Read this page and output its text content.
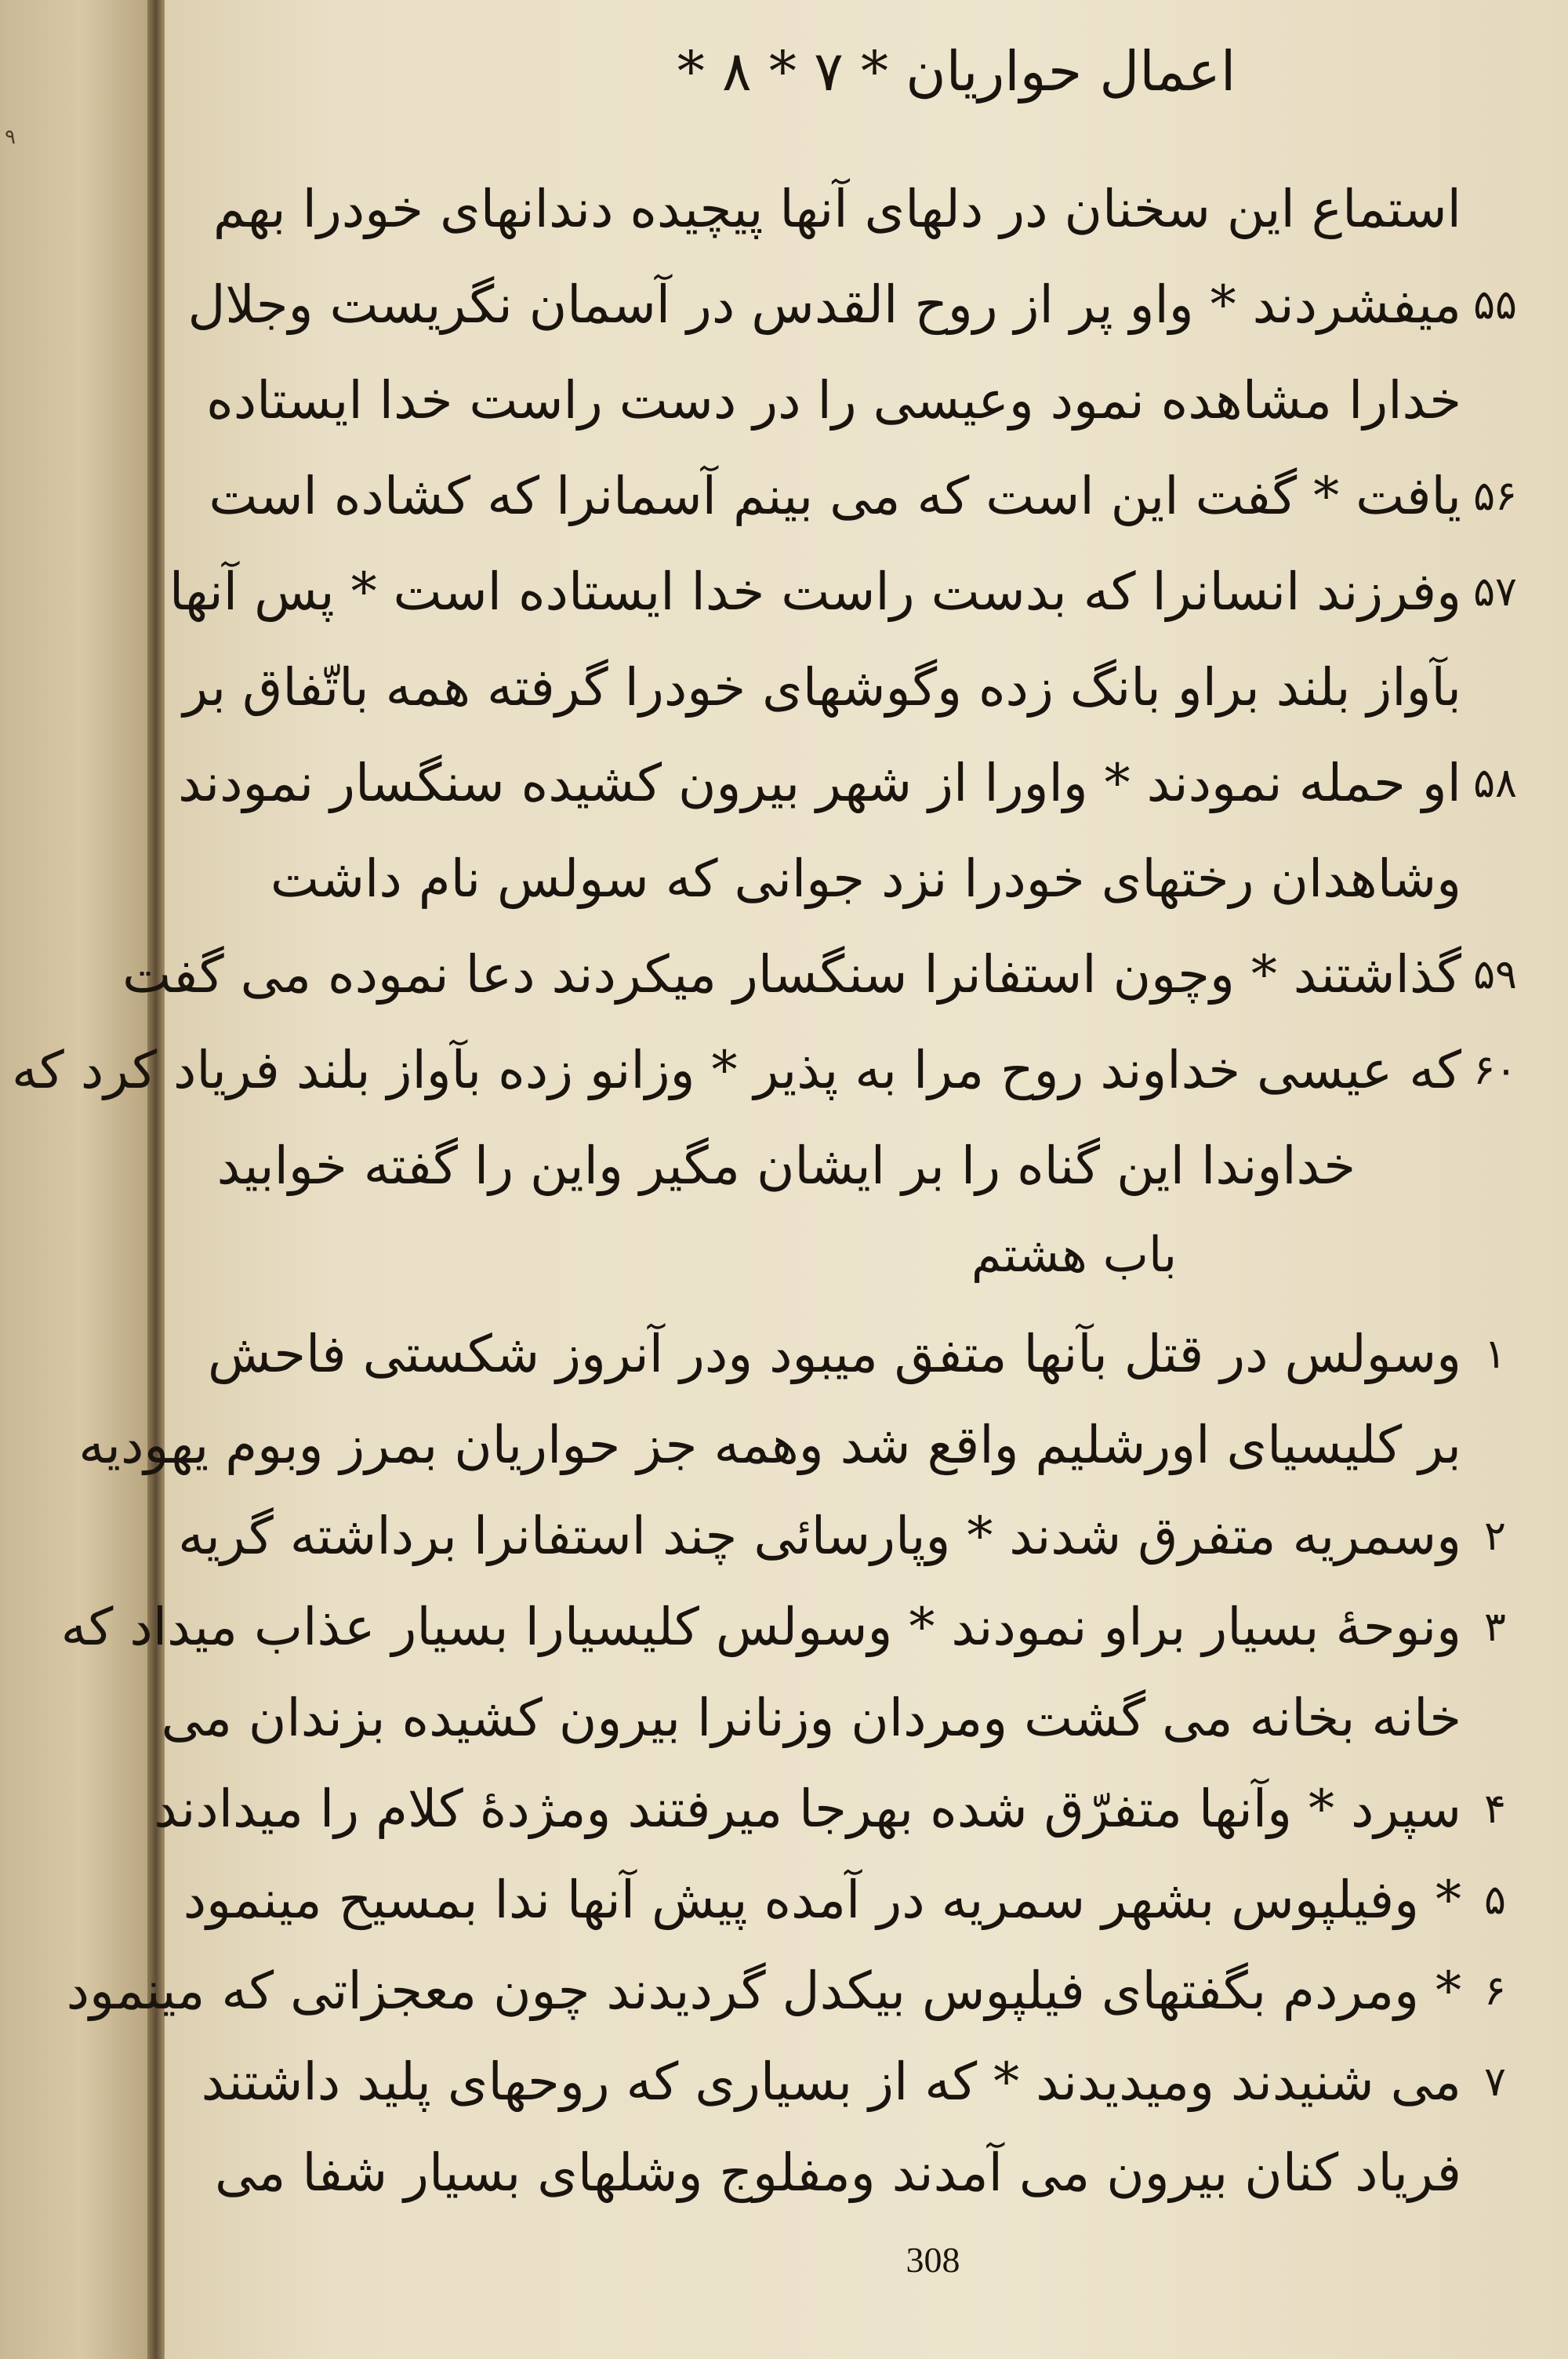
۹
اعمال حواریان * ۷ * ۸ *
استماع این سخنان در دلهای آنها پیچیده دندانهای خودرا بهم
۵۵
میفشردند * واو پر از روح القدس در آسمان نگریست وجلال
خدارا مشاهده نمود وعیسی را در دست راست خدا ایستاده
۵۶
یافت * گفت این است که می بینم آسمانرا که کشاده است
۵۷
وفرزند انسانرا که بدست راست خدا ایستاده است * پس آنها
بآواز بلند براو بانگ زده وگوشهای خودرا گرفته همه باتّفاق بر
۵۸
او حمله نمودند * واورا از شهر بیرون کشیده سنگسار نمودند
وشاهدان رختهای خودرا نزد جوانی که سولس نام داشت
۵۹
گذاشتند * وچون استفانرا سنگسار میکردند دعا نموده می گفت
۶۰
که عیسی خداوند روح مرا به پذیر * وزانو زده بآواز بلند فریاد کرد که
خداوندا این گناه را بر ایشان مگیر واین را گفته خوابید
باب هشتم
۱
وسولس در قتل بآنها متفق میبود ودر آنروز شکستی فاحش
بر کلیسیای اورشلیم واقع شد وهمه جز حواریان بمرز وبوم یهودیه
۲
وسمریه متفرق شدند * وپارسائی چند استفانرا برداشته گریه
۳
ونوحهٔ بسیار براو نمودند * وسولس کلیسیارا بسیار عذاب میداد که
خانه بخانه می گشت ومردان وزنانرا بیرون کشیده بزندان می
۴
سپرد * وآنها متفرّق شده بهرجا میرفتند ومژدهٔ کلام را میدادند
۵
* وفیلپوس بشهر سمریه در آمده پیش آنها ندا بمسیح مینمود
۶
* ومردم بگفتهای فیلپوس بیکدل گردیدند چون معجزاتی که مینمود
۷
می شنیدند ومیدیدند * که از بسیاری که روحهای پلید داشتند
فریاد کنان بیرون می آمدند ومفلوج وشلهای بسیار شفا می
308
